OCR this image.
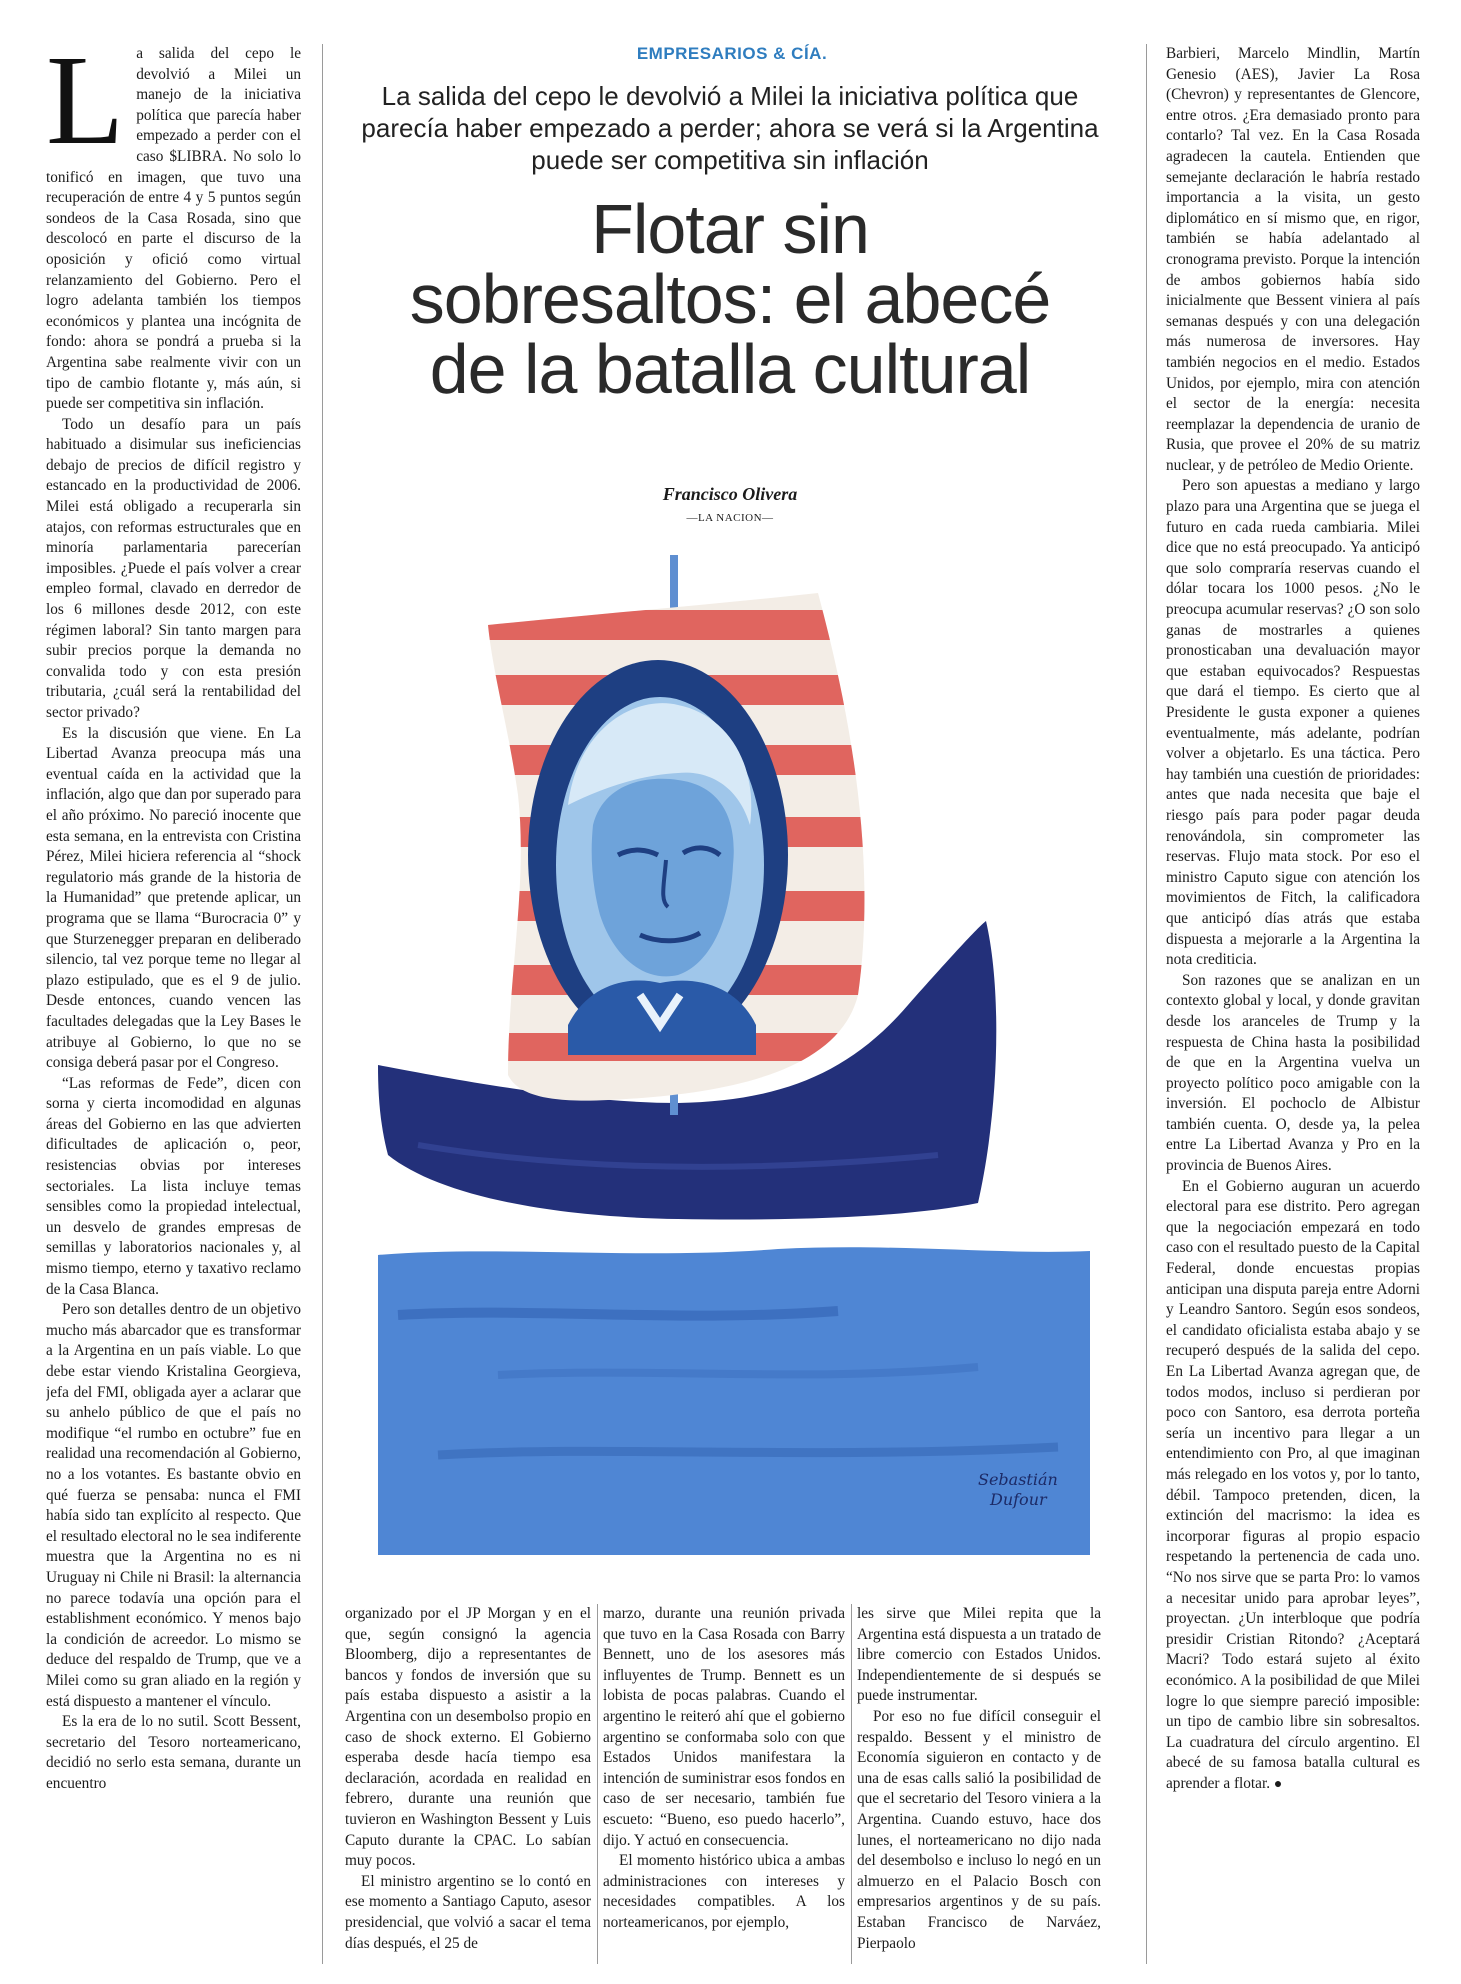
EMPRESARIOS & CÍA.
La salida del cepo le devolvió a Milei la iniciativa política que parecía haber empezado a perder; ahora se verá si la Argentina puede ser competitiva sin inflación
Flotar sin
sobresaltos: el abecé
de la batalla cultural
Francisco Olivera
—LA NACION—
Sebastián
Dufour
L a salida del cepo le devolvió a Milei un manejo de la iniciativa política que parecía haber empezado a perder con el caso $LIBRA. No solo lo tonificó en imagen, que tuvo una recuperación de entre 4 y 5 puntos según sondeos de la Casa Rosada, sino que descolocó en parte el discurso de la oposición y ofició como virtual relanzamiento del Gobierno. Pero el logro adelanta también los tiempos económicos y plantea una incógnita de fondo: ahora se pondrá a prueba si la Argentina sabe realmente vivir con un tipo de cambio flotante y, más aún, si puede ser competitiva sin inflación.

Todo un desafío para un país habituado a disimular sus ineficiencias debajo de precios de difícil registro y estancado en la productividad de 2006. Milei está obligado a recuperarla sin atajos, con reformas estructurales que en minoría parlamentaria parecerían imposibles. ¿Puede el país volver a crear empleo formal, clavado en derredor de los 6 millones desde 2012, con este régimen laboral? Sin tanto margen para subir precios porque la demanda no convalida todo y con esta presión tributaria, ¿cuál será la rentabilidad del sector privado?

Es la discusión que viene. En La Libertad Avanza preocupa más una eventual caída en la actividad que la inflación, algo que dan por superado para el año próximo. No pareció inocente que esta semana, en la entrevista con Cristina Pérez, Milei hiciera referencia al “shock regulatorio más grande de la historia de la Humanidad” que pretende aplicar, un programa que se llama “Burocracia 0” y que Sturzenegger preparan en deliberado silencio, tal vez porque teme no llegar al plazo estipulado, que es el 9 de julio. Desde entonces, cuando vencen las facultades delegadas que la Ley Bases le atribuye al Gobierno, lo que no se consiga deberá pasar por el Congreso.

“Las reformas de Fede”, dicen con sorna y cierta incomodidad en algunas áreas del Gobierno en las que advierten dificultades de aplicación o, peor, resistencias obvias por intereses sectoriales. La lista incluye temas sensibles como la propiedad intelectual, un desvelo de grandes empresas de semillas y laboratorios nacionales y, al mismo tiempo, eterno y taxativo reclamo de la Casa Blanca.

Pero son detalles dentro de un objetivo mucho más abarcador que es transformar a la Argentina en un país viable. Lo que debe estar viendo Kristalina Georgieva, jefa del FMI, obligada ayer a aclarar que su anhelo público de que el país no modifique “el rumbo en octubre” fue en realidad una recomendación al Gobierno, no a los votantes. Es bastante obvio en qué fuerza se pensaba: nunca el FMI había sido tan explícito al respecto. Que el resultado electoral no le sea indiferente muestra que la Argentina no es ni Uruguay ni Chile ni Brasil: la alternancia no parece todavía una opción para el establishment económico. Y menos bajo la condición de acreedor. Lo mismo se deduce del respaldo de Trump, que ve a Milei como su gran aliado en la región y está dispuesto a mantener el vínculo.

Es la era de lo no sutil. Scott Bessent, secretario del Tesoro norteamericano, decidió no serlo esta semana, durante un encuentro

organizado por el JP Morgan y en el que, según consignó la agencia Bloomberg, dijo a representantes de bancos y fondos de inversión que su país estaba dispuesto a asistir a la Argentina con un desembolso propio en caso de shock externo. El Gobierno esperaba desde hacía tiempo esa declaración, acordada en realidad en febrero, durante una reunión que tuvieron en Washington Bessent y Luis Caputo durante la CPAC. Lo sabían muy pocos.

El ministro argentino se lo contó en ese momento a Santiago Caputo, asesor presidencial, que volvió a sacar el tema días después, el 25 de

marzo, durante una reunión privada que tuvo en la Casa Rosada con Barry Bennett, uno de los asesores más influyentes de Trump. Bennett es un lobista de pocas palabras. Cuando el argentino le reiteró ahí que el gobierno argentino se conformaba solo con que Estados Unidos manifestara la intención de suministrar esos fondos en caso de ser necesario, también fue escueto: “Bueno, eso puedo hacerlo”, dijo. Y actuó en consecuencia.

El momento histórico ubica a ambas administraciones con intereses y necesidades compatibles. A los norteamericanos, por ejemplo,

les sirve que Milei repita que la Argentina está dispuesta a un tratado de libre comercio con Estados Unidos. Independientemente de si después se puede instrumentar.

Por eso no fue difícil conseguir el respaldo. Bessent y el ministro de Economía siguieron en contacto y de una de esas calls salió la posibilidad de que el secretario del Tesoro viniera a la Argentina. Cuando estuvo, hace dos lunes, el norteamericano no dijo nada del desembolso e incluso lo negó en un almuerzo en el Palacio Bosch con empresarios argentinos y de su país. Estaban Francisco de Narváez, Pierpaolo

Barbieri, Marcelo Mindlin, Martín Genesio (AES), Javier La Rosa (Chevron) y representantes de Glencore, entre otros. ¿Era demasiado pronto para contarlo? Tal vez. En la Casa Rosada agradecen la cautela. Entienden que semejante declaración le habría restado importancia a la visita, un gesto diplomático en sí mismo que, en rigor, también se había adelantado al cronograma previsto. Porque la intención de ambos gobiernos había sido inicialmente que Bessent viniera al país semanas después y con una delegación más numerosa de inversores. Hay también negocios en el medio. Estados Unidos, por ejemplo, mira con atención el sector de la energía: necesita reemplazar la dependencia de uranio de Rusia, que provee el 20% de su matriz nuclear, y de petróleo de Medio Oriente.

Pero son apuestas a mediano y largo plazo para una Argentina que se juega el futuro en cada rueda cambiaria. Milei dice que no está preocupado. Ya anticipó que solo compraría reservas cuando el dólar tocara los 1000 pesos. ¿No le preocupa acumular reservas? ¿O son solo ganas de mostrarles a quienes pronosticaban una devaluación mayor que estaban equivocados? Respuestas que dará el tiempo. Es cierto que al Presidente le gusta exponer a quienes eventualmente, más adelante, podrían volver a objetarlo. Es una táctica. Pero hay también una cuestión de prioridades: antes que nada necesita que baje el riesgo país para poder pagar deuda renovándola, sin comprometer las reservas. Flujo mata stock. Por eso el ministro Caputo sigue con atención los movimientos de Fitch, la calificadora que anticipó días atrás que estaba dispuesta a mejorarle a la Argentina la nota crediticia.

Son razones que se analizan en un contexto global y local, y donde gravitan desde los aranceles de Trump y la respuesta de China hasta la posibilidad de que en la Argentina vuelva un proyecto político poco amigable con la inversión. El pochoclo de Albistur también cuenta. O, desde ya, la pelea entre La Libertad Avanza y Pro en la provincia de Buenos Aires.

En el Gobierno auguran un acuerdo electoral para ese distrito. Pero agregan que la negociación empezará en todo caso con el resultado puesto de la Capital Federal, donde encuestas propias anticipan una disputa pareja entre Adorni y Leandro Santoro. Según esos sondeos, el candidato oficialista estaba abajo y se recuperó después de la salida del cepo. En La Libertad Avanza agregan que, de todos modos, incluso si perdieran por poco con Santoro, esa derrota porteña sería un incentivo para llegar a un entendimiento con Pro, al que imaginan más relegado en los votos y, por lo tanto, débil. Tampoco pretenden, dicen, la extinción del macrismo: la idea es incorporar figuras al propio espacio respetando la pertenencia de cada uno. “No nos sirve que se parta Pro: lo vamos a necesitar unido para aprobar leyes”, proyectan. ¿Un interbloque que podría presidir Cristian Ritondo? ¿Aceptará Macri? Todo estará sujeto al éxito económico. A la posibilidad de que Milei logre lo que siempre pareció imposible: un tipo de cambio libre sin sobresaltos. La cuadratura del círculo argentino. El abecé de su famosa batalla cultural es aprender a flotar. ●
